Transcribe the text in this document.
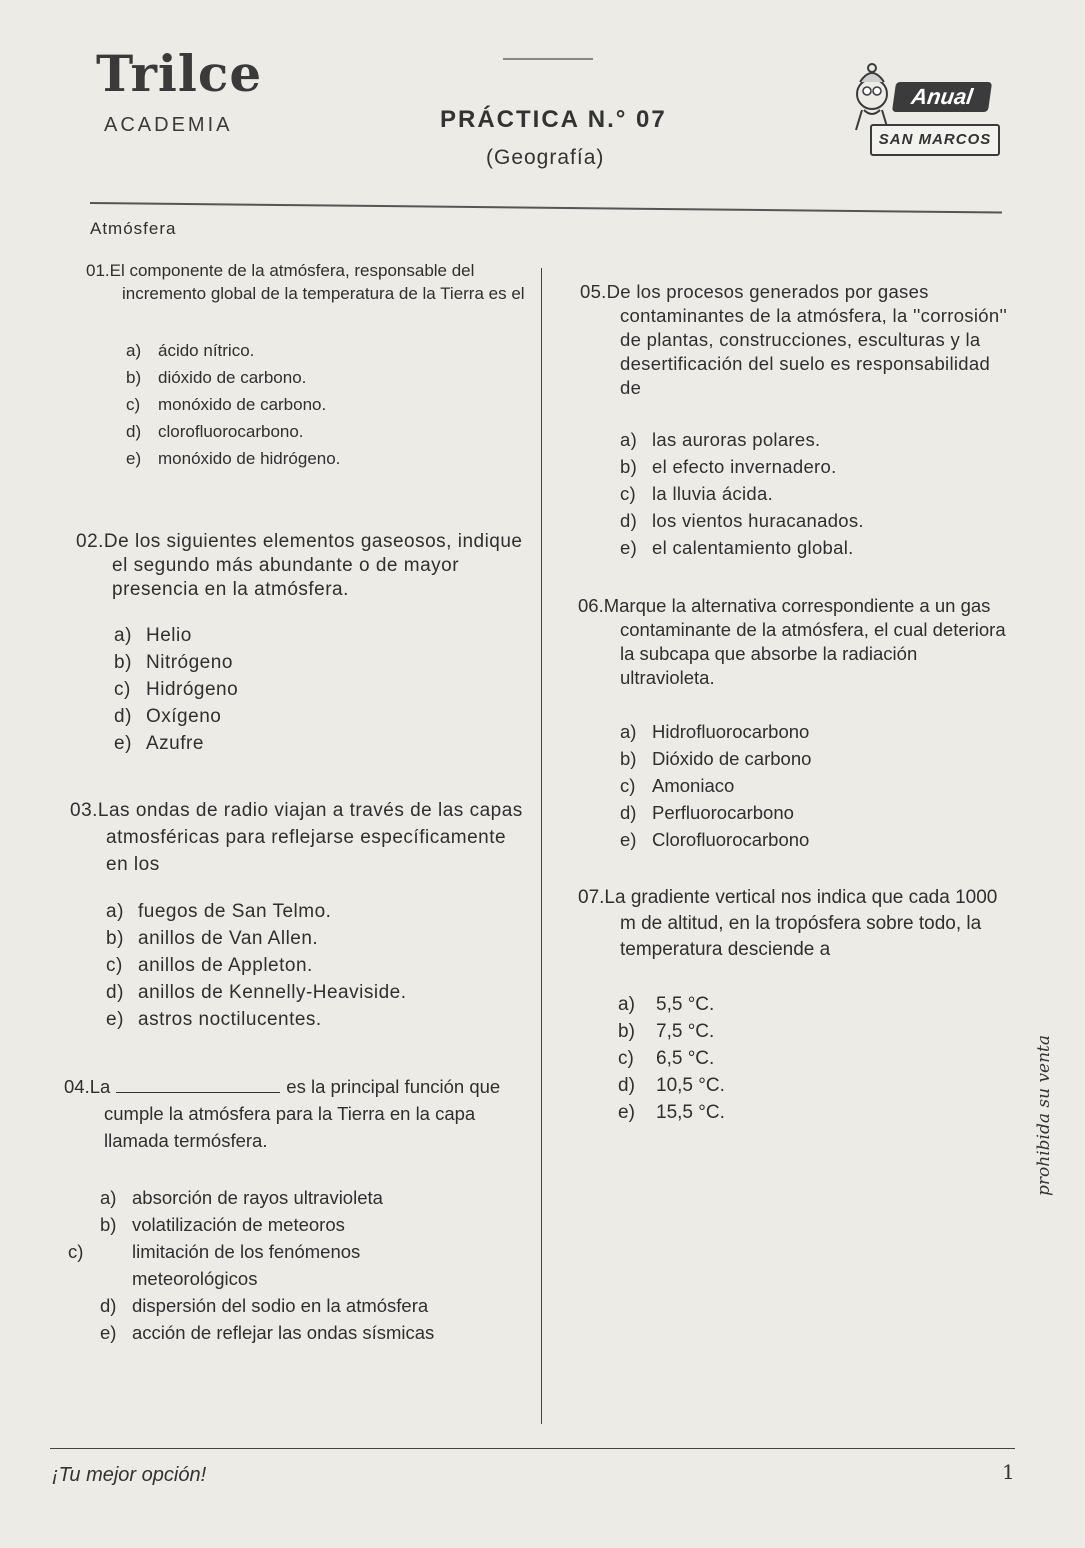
Trilce
ACADEMIA	PRÁCTICA N.° 07
(Geografía)
Anual
SAN MARCOS
Atmósfera
01.El componente de la atmósfera, responsable del incremento global de la temperatura de la Tierra es el
a) ácido nítrico.
b) dióxido de carbono.
c) monóxido de carbono.
d) clorofluorocarbono.
e) monóxido de hidrógeno.
02.De los siguientes elementos gaseosos, indique el segundo más abundante o de mayor presencia en la atmósfera.
a) Helio
b) Nitrógeno
c) Hidrógeno
d) Oxígeno
e) Azufre
03.Las ondas de radio viajan a través de las capas atmosféricas para reflejarse específicamente en los
a) fuegos de San Telmo.
b) anillos de Van Allen.
c) anillos de Appleton.
d) anillos de Kennelly-Heaviside.
e) astros noctilucentes.
04.La	es la principal función que cumple la atmósfera para la Tierra en la capa llamada termósfera.
a) absorción de rayos ultravioleta
b) volatilización de meteoros
c)	limitación de los fenómenos meteorológicos
d) dispersión del sodio en la atmósfera
e) acción de reflejar las ondas sísmicas
05.De los procesos generados por gases contaminantes de la atmósfera, la ''corrosión'' de plantas, construcciones, esculturas y la desertificación del suelo es responsabilidad de
a) las auroras polares.
b) el efecto invernadero.
c) la lluvia ácida.
d) los vientos huracanados.
e) el calentamiento global.
06.Marque la alternativa correspondiente a un gas contaminante de la atmósfera, el cual deteriora la subcapa que absorbe la radiación ultravioleta.
a) Hidrofluorocarbono
b) Dióxido de carbono
c) Amoniaco
d) Perfluorocarbono
e) Clorofluorocarbono
07.La gradiente vertical nos indica que cada 1000 m de altitud, en la tropósfera sobre todo, la temperatura desciende a
a) 5,5 °C.
b) 7,5 °C.
c) 6,5 °C.
d) 10,5 °C.
e) 15,5 °C.	prohibida su venta
¡Tu mejor opción!	1
